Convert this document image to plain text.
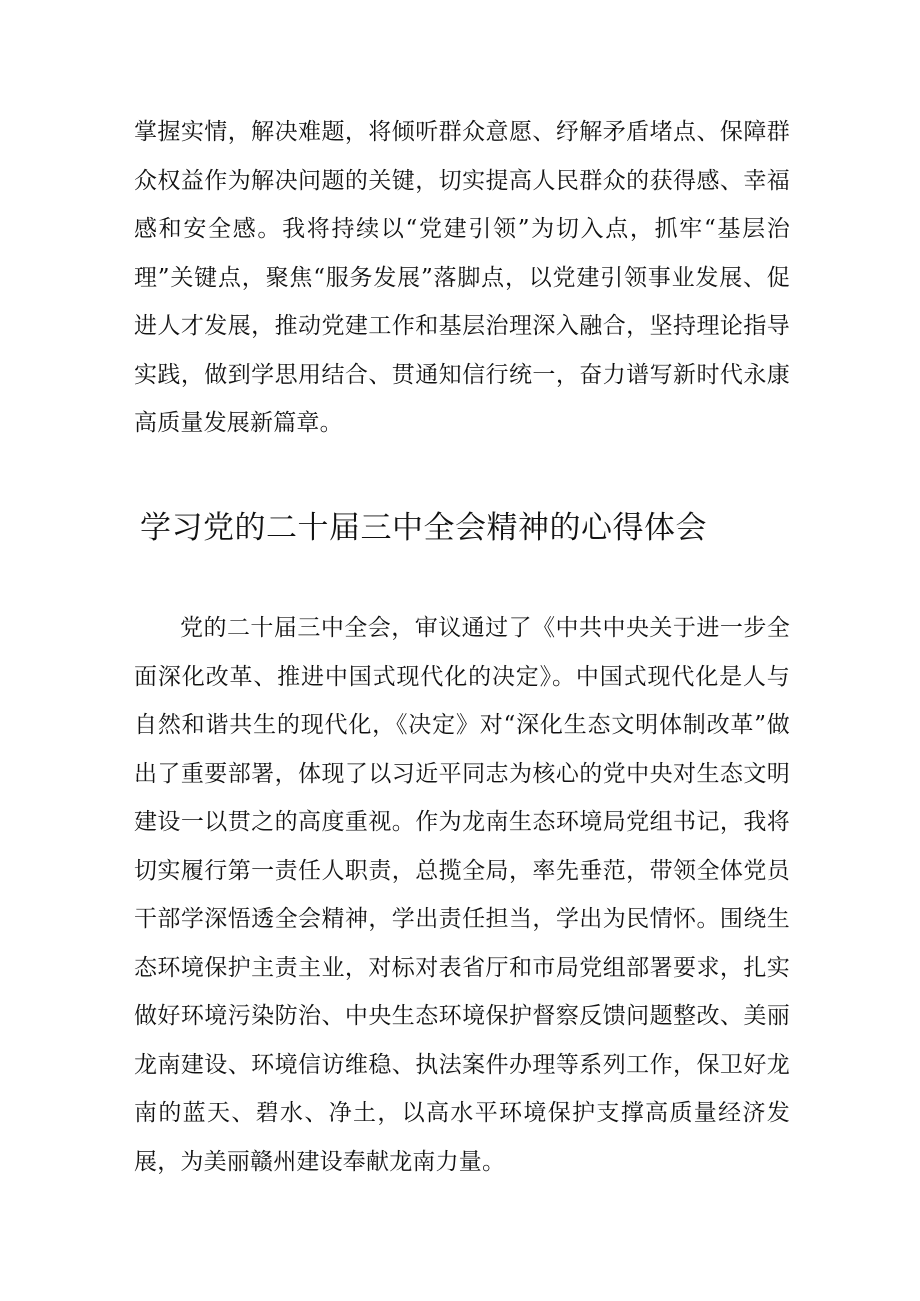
掌握实情，解决难题，将倾听群众意愿、纾解矛盾堵点、保障群众权益作为解决问题的关键，切实提高人民群众的获得感、幸福感和安全感。我将持续以“党建引领”为切入点，抓牢“基层治理”关键点，聚焦“服务发展”落脚点，以党建引领事业发展、促进人才发展，推动党建工作和基层治理深入融合，坚持理论指导实践，做到学思用结合、贯通知信行统一，奋力谱写新时代永康高质量发展新篇章。

学习党的二十届三中全会精神的心得体会

党的二十届三中全会，审议通过了《中共中央关于进一步全面深化改革、推进中国式现代化的决定》。中国式现代化是人与自然和谐共生的现代化，《决定》对“深化生态文明体制改革”做出了重要部署，体现了以习近平同志为核心的党中央对生态文明建设一以贯之的高度重视。作为龙南生态环境局党组书记，我将切实履行第一责任人职责，总揽全局，率先垂范，带领全体党员干部学深悟透全会精神，学出责任担当，学出为民情怀。围绕生态环境保护主责主业，对标对表省厅和市局党组部署要求，扎实做好环境污染防治、中央生态环境保护督察反馈问题整改、美丽龙南建设、环境信访维稳、执法案件办理等系列工作，保卫好龙南的蓝天、碧水、净土，以高水平环境保护支撑高质量经济发展，为美丽赣州建设奉献龙南力量。
